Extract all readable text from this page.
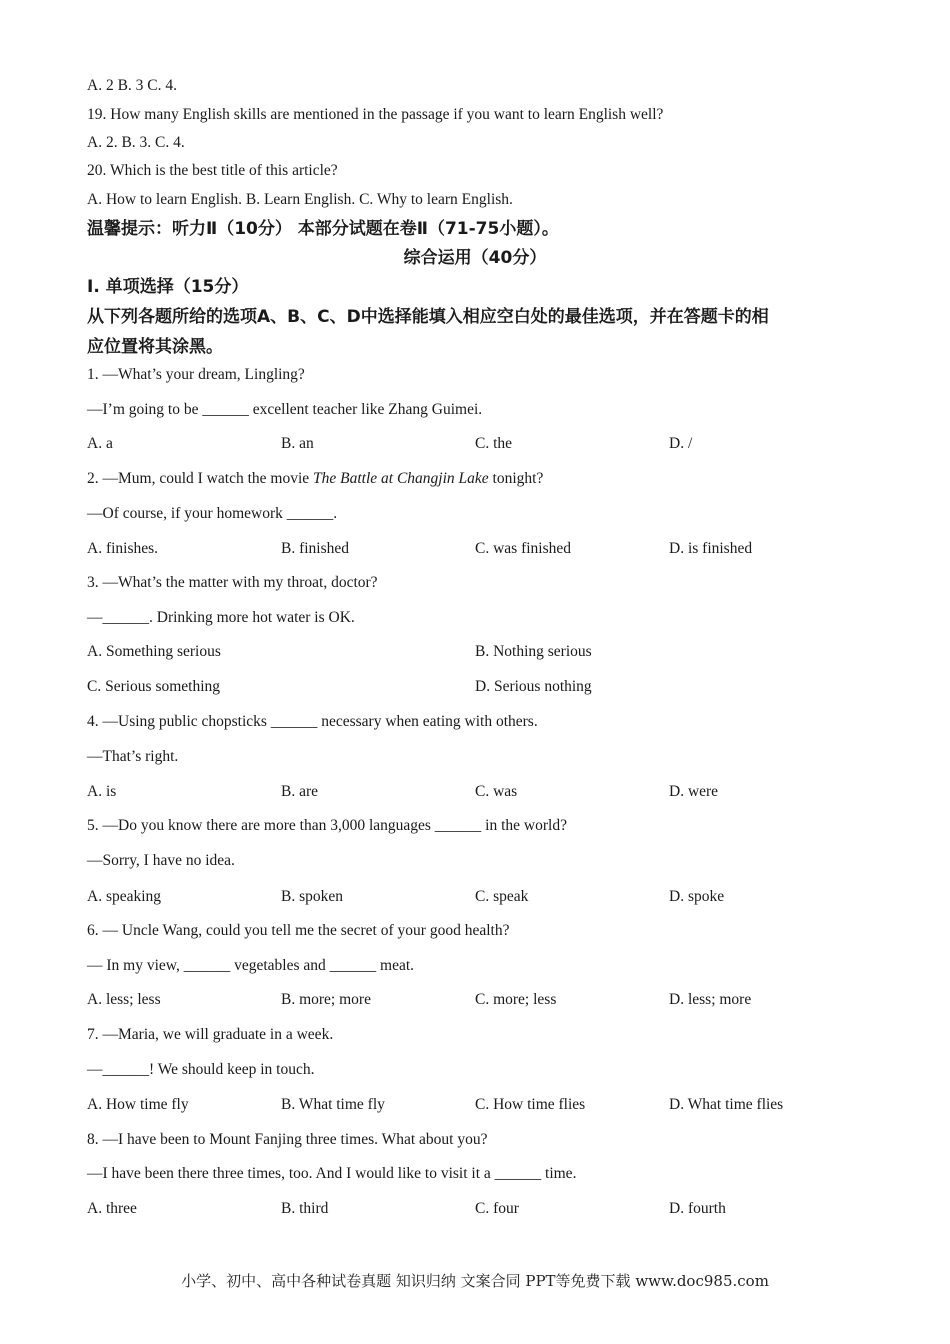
A. 2 B. 3 C. 4.
19. How many English skills are mentioned in the passage if you want to learn English well?
A. 2. B. 3. C. 4.
20. Which is the best title of this article?
A. How to learn English. B. Learn English. C. Why to learn English.
温馨提示：听力Ⅱ（10分） 本部分试题在卷Ⅱ（71-75小题）。
综合运用（40分）
Ⅰ. 单项选择（15分）
从下列各题所给的选项A、B、C、D中选择能填入相应空白处的最佳选项，并在答题卡的相
应位置将其涂黑。
1. —What’s your dream, Lingling?
—I’m going to be ______ excellent teacher like Zhang Guimei.
A. a	B. an	C. the	D. /
2. —Mum, could I watch the movie The Battle at Changjin Lake tonight?
—Of course, if your homework ______.
A. finishes.	B. finished	C. was finished	D. is finished
3. —What’s the matter with my throat, doctor?
—______. Drinking more hot water is OK.
A. Something serious	B. Nothing serious
C. Serious something	D. Serious nothing
4. —Using public chopsticks ______ necessary when eating with others.
—That’s right.
A. is	B. are	C. was	D. were
5. —Do you know there are more than 3,000 languages ______ in the world?
—Sorry, I have no idea.
A. speaking	B. spoken	C. speak	D. spoke
6. — Uncle Wang, could you tell me the secret of your good health?
— In my view, ______ vegetables and ______ meat.
A. less; less	B. more; more	C. more; less	D. less; more
7. —Maria, we will graduate in a week.
—______! We should keep in touch.
A. How time fly	B. What time fly	C. How time flies	D. What time flies
8. —I have been to Mount Fanjing three times. What about you?
—I have been there three times, too. And I would like to visit it a ______ time.
A. three	B. third	C. four	D. fourth
小学、初中、高中各种试卷真题 知识归纳 文案合同 PPT等免费下载 www.doc985.com
